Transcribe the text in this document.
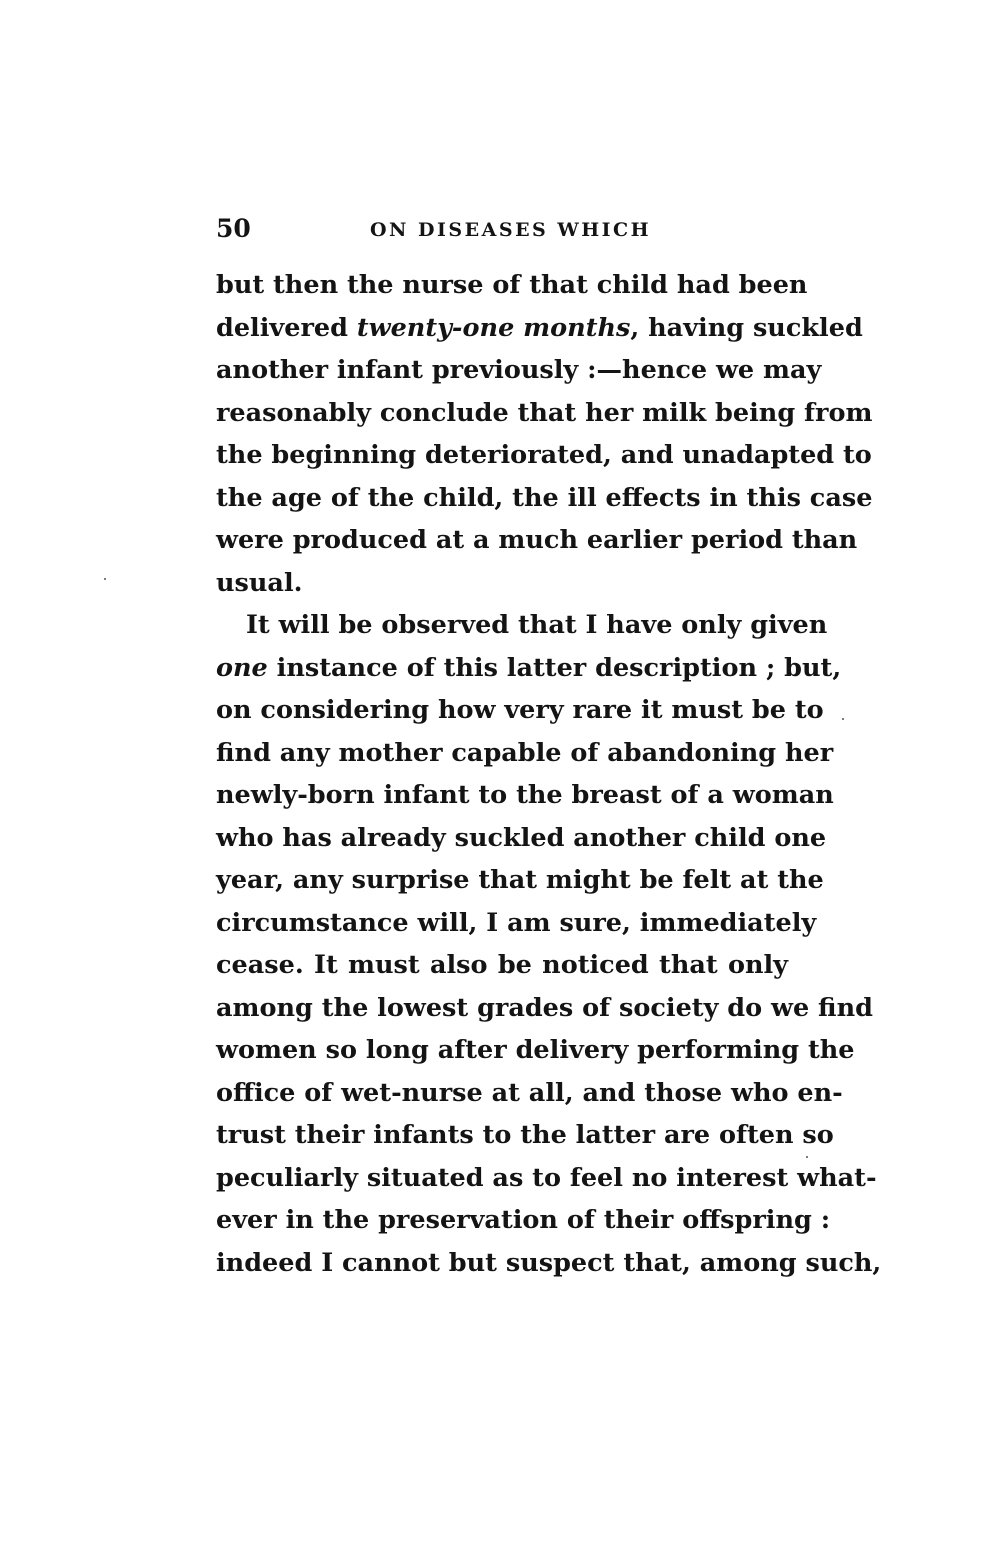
50	ON DISEASES WHICH
but then the nurse of that child had been
delivered twenty-one months, having suckled
another infant previously :—hence we may
reasonably conclude that her milk being from
the beginning deteriorated, and unadapted to
the age of the child, the ill effects in this case
were produced at a much earlier period than
usual.
It will be observed that I have only given
one instance of this latter description ; but,
on considering how very rare it must be to
find any mother capable of abandoning her
newly-born infant to the breast of a woman
who has already suckled another child one
year, any surprise that might be felt at the
circumstance will, I am sure, immediately
cease. It must also be noticed that only
among the lowest grades of society do we find
women so long after delivery performing the
office of wet-nurse at all, and those who en-
trust their infants to the latter are often so
peculiarly situated as to feel no interest what-
ever in the preservation of their offspring :
indeed I cannot but suspect that, among such,
